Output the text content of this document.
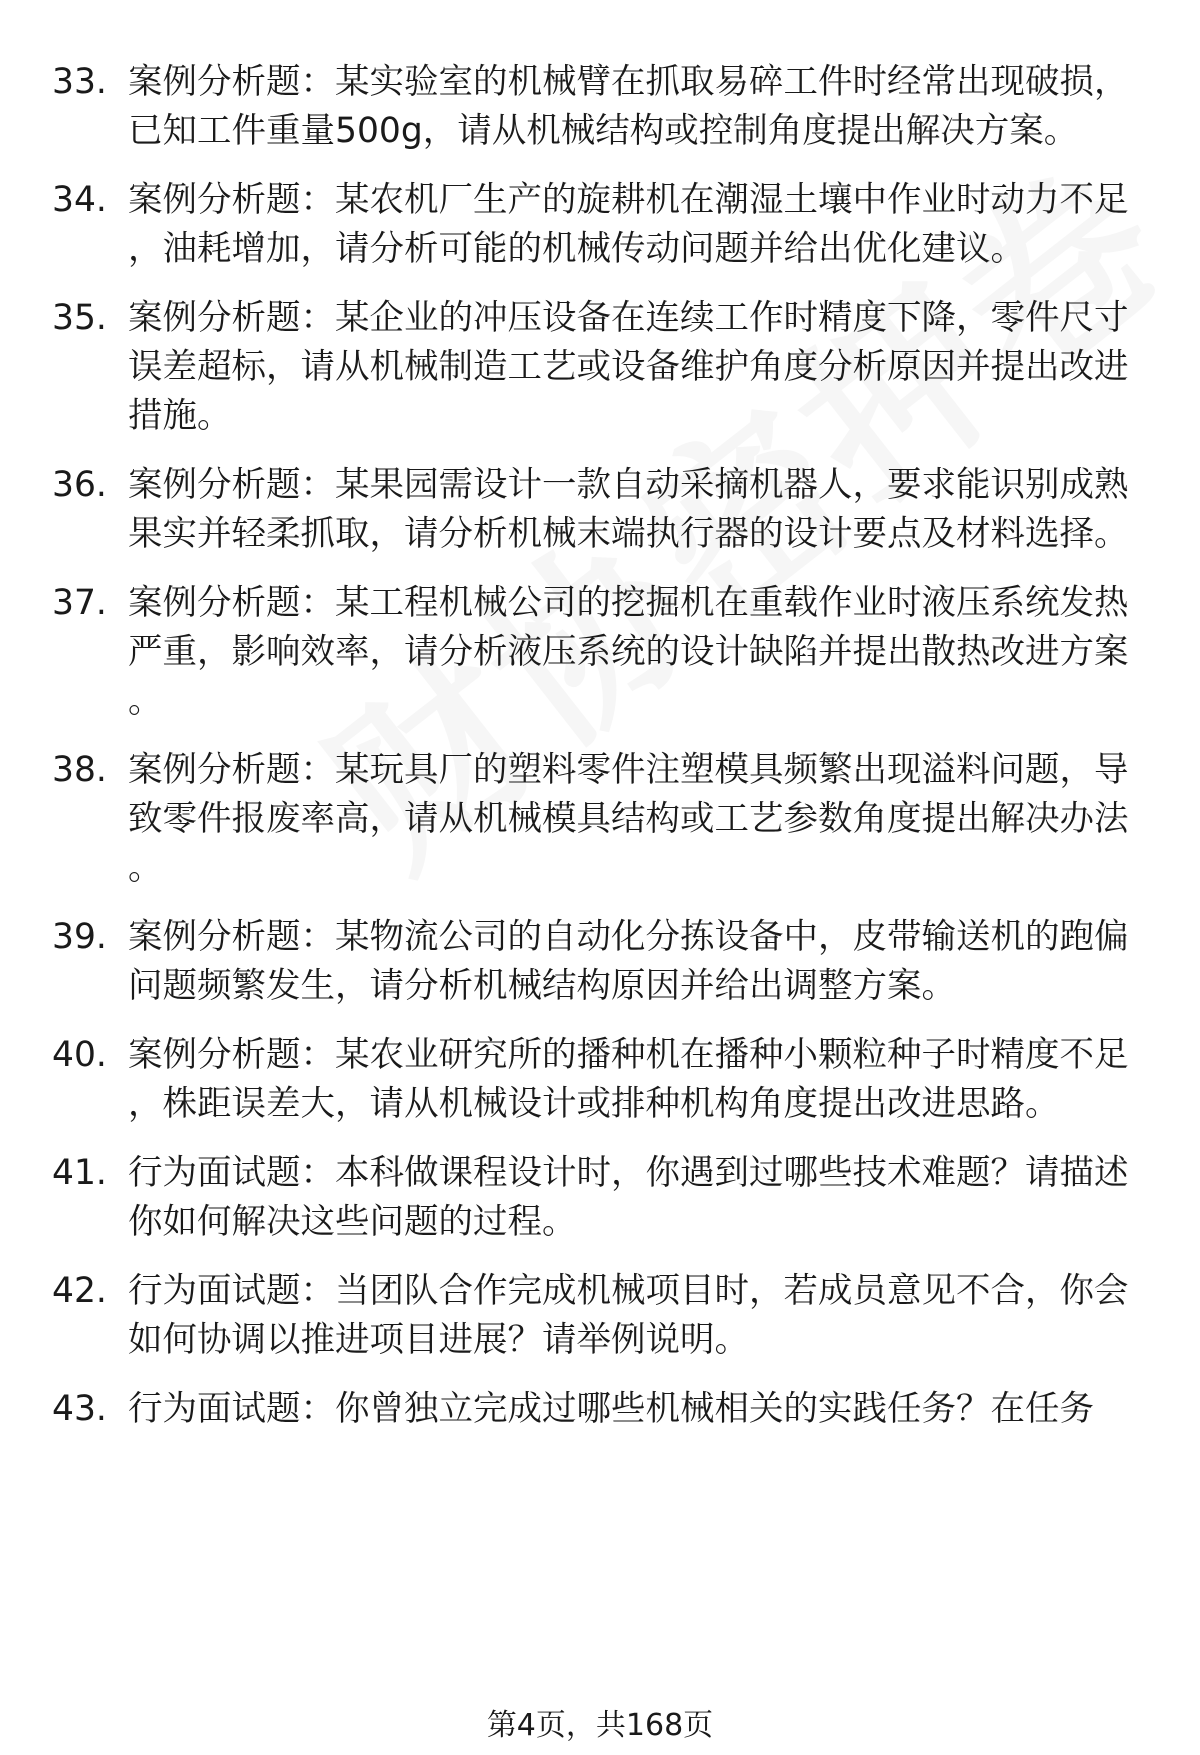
33. 案例分析题：某实验室的机械臂在抓取易碎工件时经常出现破损，已知工件重量500g，请从机械结构或控制角度提出解决方案。
34. 案例分析题：某农机厂生产的旋耕机在潮湿土壤中作业时动力不足，油耗增加，请分析可能的机械传动问题并给出优化建议。
35. 案例分析题：某企业的冲压设备在连续工作时精度下降，零件尺寸误差超标，请从机械制造工艺或设备维护角度分析原因并提出改进措施。
36. 案例分析题：某果园需设计一款自动采摘机器人，要求能识别成熟果实并轻柔抓取，请分析机械末端执行器的设计要点及材料选择。
37. 案例分析题：某工程机械公司的挖掘机在重载作业时液压系统发热严重，影响效率，请分析液压系统的设计缺陷并提出散热改进方案。
38. 案例分析题：某玩具厂的塑料零件注塑模具频繁出现溢料问题，导致零件报废率高，请从机械模具结构或工艺参数角度提出解决办法。
39. 案例分析题：某物流公司的自动化分拣设备中，皮带输送机的跑偏问题频繁发生，请分析机械结构原因并给出调整方案。
40. 案例分析题：某农业研究所的播种机在播种小颗粒种子时精度不足，株距误差大，请从机械设计或排种机构角度提出改进思路。
41. 行为面试题：本科做课程设计时，你遇到过哪些技术难题？请描述你如何解决这些问题的过程。
42. 行为面试题：当团队合作完成机械项目时，若成员意见不合，你会如何协调以推进项目进展？请举例说明。
43. 行为面试题：你曾独立完成过哪些机械相关的实践任务？在任务
第4页，共168页
